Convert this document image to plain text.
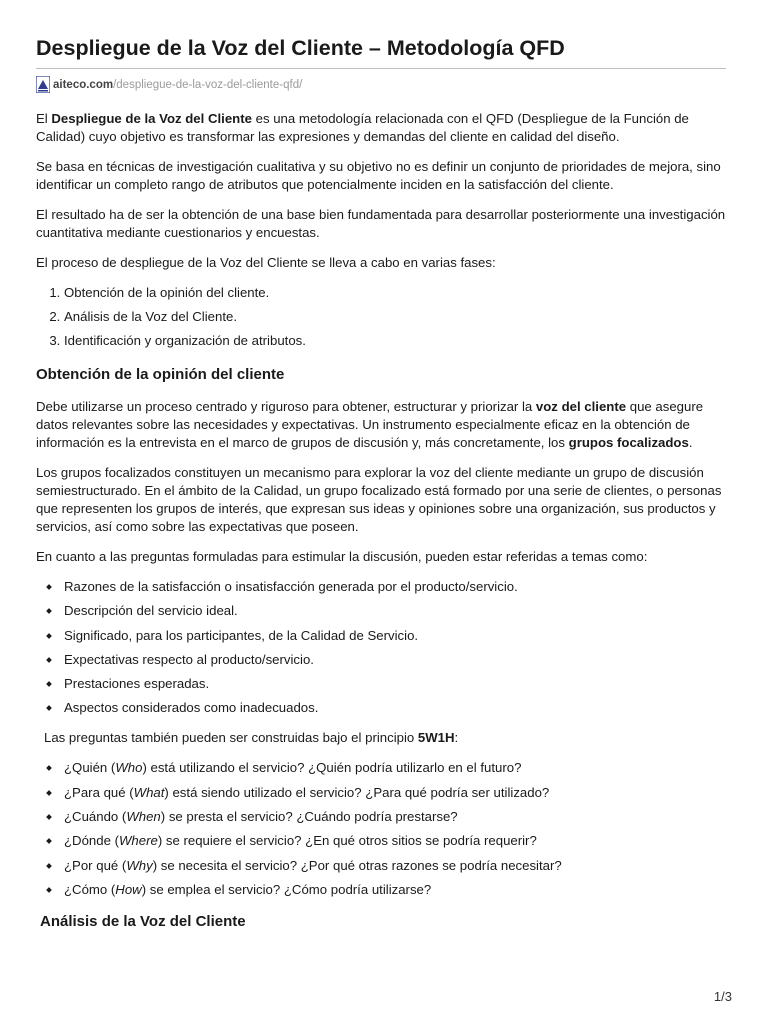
Despliegue de la Voz del Cliente – Metodología QFD
aiteco.com /despliegue-de-la-voz-del-cliente-qfd/

El Despliegue de la Voz del Cliente es una metodología relacionada con el QFD (Despliegue de la Función de Calidad) cuyo objetivo es transformar las expresiones y demandas del cliente en calidad del diseño.

Se basa en técnicas de investigación cualitativa y su objetivo no es definir un conjunto de prioridades de mejora, sino identificar un completo rango de atributos que potencialmente inciden en la satisfacción del cliente.

El resultado ha de ser la obtención de una base bien fundamentada para desarrollar posteriormente una investigación cuantitativa mediante cuestionarios y encuestas.

El proceso de despliegue de la Voz del Cliente se lleva a cabo en varias fases:

1. Obtención de la opinión del cliente.
2. Análisis de la Voz del Cliente.
3. Identificación y organización de atributos.
Obtención de la opinión del cliente

Debe utilizarse un proceso centrado y riguroso para obtener, estructurar y priorizar la voz del cliente que asegure datos relevantes sobre las necesidades y expectativas. Un instrumento especialmente eficaz en la obtención de información es la entrevista en el marco de grupos de discusión y, más concretamente, los grupos focalizados.

Los grupos focalizados constituyen un mecanismo para explorar la voz del cliente mediante un grupo de discusión semiestructurado. En el ámbito de la Calidad, un grupo focalizado está formado por una serie de clientes, o personas que representen los grupos de interés, que expresan sus ideas y opiniones sobre una organización, sus productos y servicios, así como sobre las expectativas que poseen.

En cuanto a las preguntas formuladas para estimular la discusión, pueden estar referidas a temas como:

Razones de la satisfacción o insatisfacción generada por el producto/servicio.
Descripción del servicio ideal.
Significado, para los participantes, de la Calidad de Servicio.
Expectativas respecto al producto/servicio.
Prestaciones esperadas.
Aspectos considerados como inadecuados.

Las preguntas también pueden ser construidas bajo el principio 5W1H:

¿Quién (Who) está utilizando el servicio? ¿Quién podría utilizarlo en el futuro?
¿Para qué (What) está siendo utilizado el servicio? ¿Para qué podría ser utilizado?
¿Cuándo (When) se presta el servicio? ¿Cuándo podría prestarse?
¿Dónde (Where) se requiere el servicio? ¿En qué otros sitios se podría requerir?
¿Por qué (Why) se necesita el servicio? ¿Por qué otras razones se podría necesitar?
¿Cómo (How) se emplea el servicio? ¿Cómo podría utilizarse?
Análisis de la Voz del Cliente
1/3
